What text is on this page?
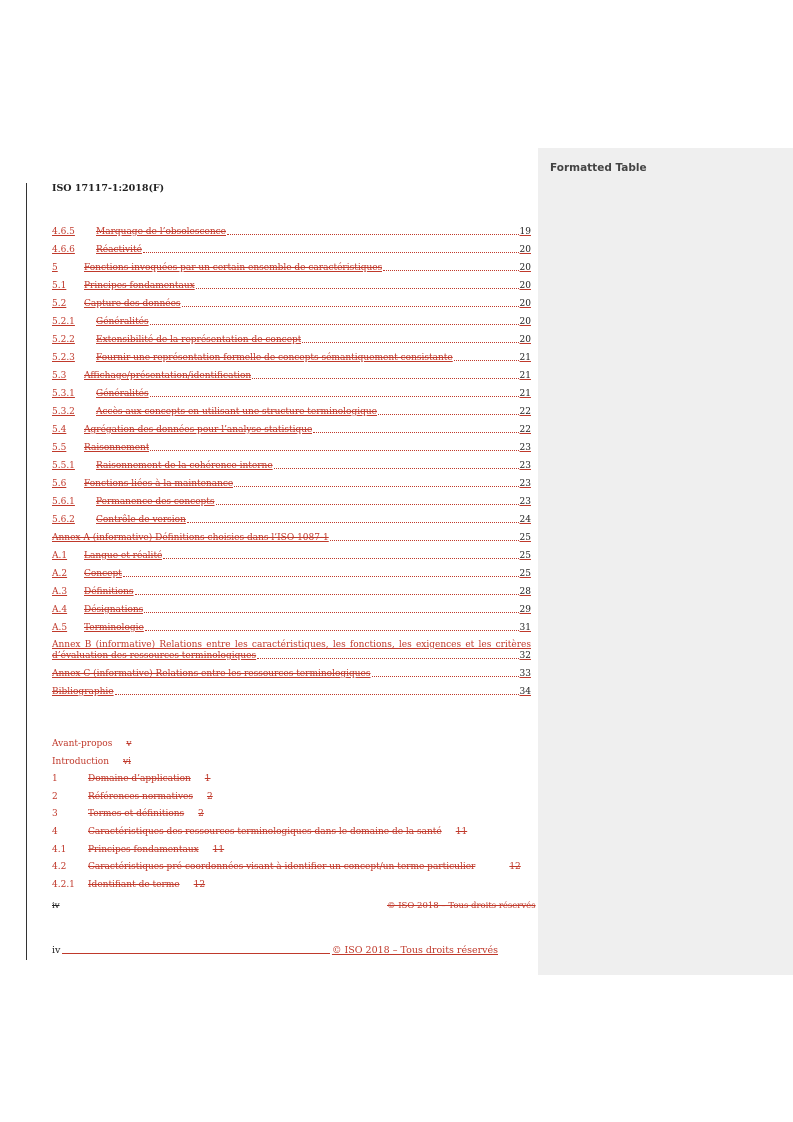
Formatted Table
ISO 17117-1:2018(F)
4.6.5	Marquage de l’obsolescence	19
4.6.6	Réactivité	20
5	Fonctions invoquées par un certain ensemble de caractéristiques	20
5.1	Principes fondamentaux	20
5.2	Capture des données	20
5.2.1	Généralités	20
5.2.2	Extensibilité de la représentation de concept	20
5.2.3	Fournir une représentation formelle de concepts sémantiquement consistante	21
5.3	Affichage/présentation/identification	21
5.3.1	Généralités	21
5.3.2	Accès aux concepts en utilisant une structure terminologique	22
5.4	Agrégation des données pour l’analyse statistique	22
5.5	Raisonnement	23
5.5.1	Raisonnement de la cohérence interne	23
5.6	Fonctions liées à la maintenance	23
5.6.1	Permanence des concepts	23
5.6.2	Contrôle de version	24
Annex A (informative) Définitions choisies dans l’ISO 1087-1	25
A.1	Langue et réalité	25
A.2	Concept	25
A.3	Définitions	28
A.4	Désignations	29
A.5	Terminologie	31
Annex B (informative) Relations entre les caractéristiques, les fonctions, les exigences et les critères
d’évaluation des ressources terminologiques	32
Annex C (informative) Relations entre les ressources terminologiques	33
Bibliographie	34
Avant-propos v
Introduction vi
1	Domaine d’application 1
2	Références normatives 2
3	Termes et définitions 2
4	Caractéristiques des ressources terminologiques dans le domaine de la santé 11
4.1 Principes fondamentaux 11
4.2 Caractéristiques pré-coordonnées visant à identifier un concept/un terme particulier	12
4.2.1 Identifiant de terme 12
iv	© ISO 2018 – Tous droits réservés
iv	© ISO 2018 – Tous droits réservés
